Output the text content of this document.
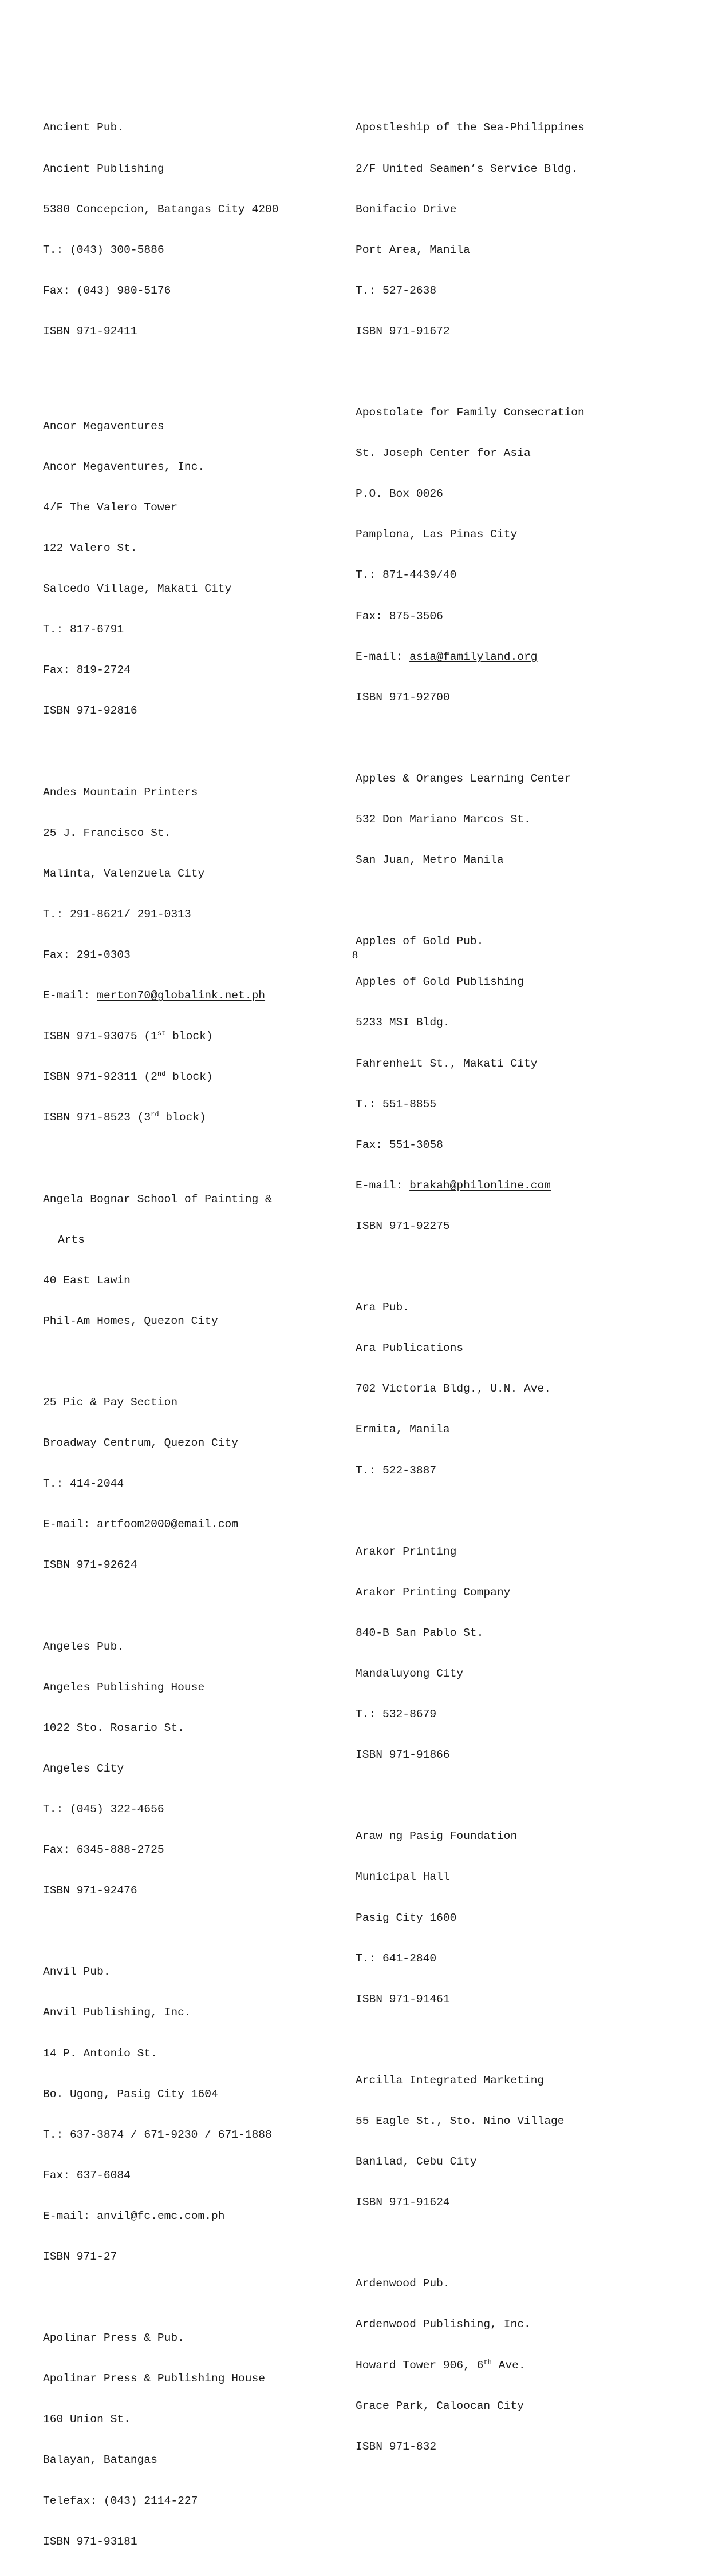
Ancient Pub.

Ancient Publishing

5380 Concepcion, Batangas City 4200

T.: (043) 300-5886

Fax: (043) 980-5176

ISBN 971-92411

Ancor Megaventures

Ancor Megaventures, Inc.

4/F The Valero Tower

122 Valero St.

Salcedo Village, Makati City

T.: 817-6791

Fax: 819-2724

ISBN 971-92816

Andes Mountain Printers

25 J. Francisco St.

Malinta, Valenzuela City

T.: 291-8621/ 291-0313

Fax: 291-0303

E-mail: merton70@globalink.net.ph

ISBN 971-93075 (1st block)

ISBN 971-92311 (2nd block)

ISBN 971-8523 (3rd block)

Angela Bognar School of Painting &

Arts

40 East Lawin

Phil-Am Homes, Quezon City

25 Pic & Pay Section

Broadway Centrum, Quezon City

T.: 414-2044

E-mail: artfoom2000@email.com

ISBN 971-92624

Angeles Pub.

Angeles Publishing House

1022 Sto. Rosario St.

Angeles City

T.: (045) 322-4656

Fax: 6345-888-2725

ISBN 971-92476

Anvil Pub.

Anvil Publishing, Inc.

14 P. Antonio St.

Bo. Ugong, Pasig City 1604

T.: 637-3874 / 671-9230 / 671-1888

Fax: 637-6084

E-mail: anvil@fc.emc.com.ph

ISBN 971-27

Apolinar Press & Pub.

Apolinar Press & Publishing House

160 Union St.

Balayan, Batangas

Telefax: (043) 2114-227

ISBN 971-93181

Apostleship of the Sea-Philippines

2/F United Seamen’s Service Bldg.

Bonifacio Drive

Port Area, Manila

T.: 527-2638

ISBN 971-91672

Apostolate for Family Consecration

St. Joseph Center for Asia

P.O. Box 0026

Pamplona, Las Pinas City

T.: 871-4439/40

Fax: 875-3506

E-mail: asia@familyland.org

ISBN 971-92700

Apples & Oranges Learning Center

532 Don Mariano Marcos St.

San Juan, Metro Manila

Apples of Gold Pub.

Apples of Gold Publishing

5233 MSI Bldg.

Fahrenheit St., Makati City

T.: 551-8855

Fax: 551-3058

E-mail: brakah@philonline.com

ISBN 971-92275

Ara Pub.

Ara Publications

702 Victoria Bldg., U.N. Ave.

Ermita, Manila

T.: 522-3887

Arakor Printing

Arakor Printing Company

840-B San Pablo St.

Mandaluyong City

T.: 532-8679

ISBN 971-91866

Araw ng Pasig Foundation

Municipal Hall

Pasig City 1600

T.: 641-2840

ISBN 971-91461

Arcilla Integrated Marketing

55 Eagle St., Sto. Nino Village

Banilad, Cebu City

ISBN 971-91624

Ardenwood Pub.

Ardenwood Publishing, Inc.

Howard Tower 906, 6th Ave.

Grace Park, Caloocan City

ISBN 971-832

8
